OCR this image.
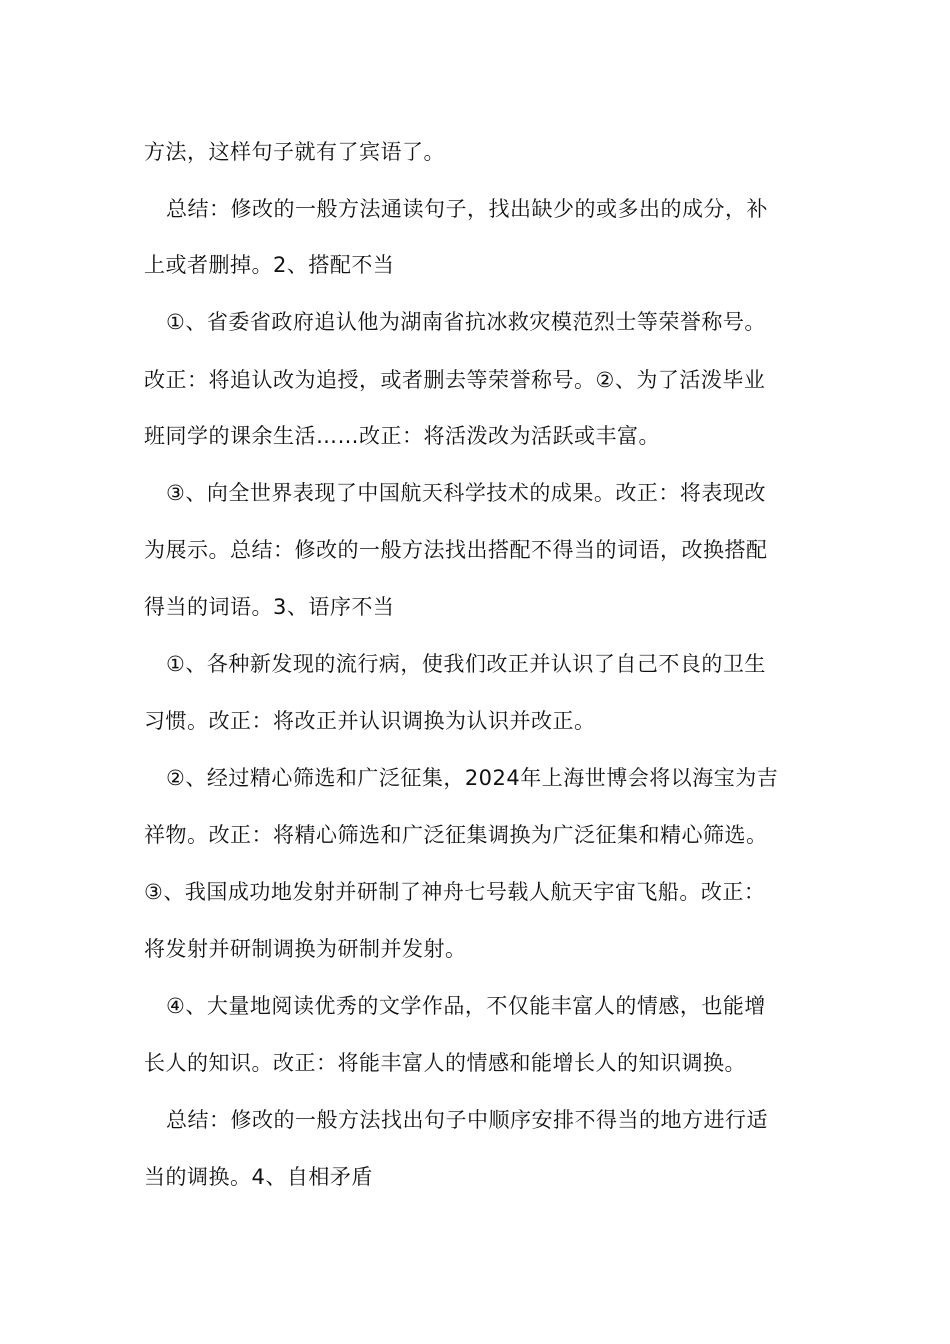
方法，这样句子就有了宾语了。
总结：修改的一般方法通读句子，找出缺少的或多出的成分，补
上或者删掉。2、搭配不当
①、省委省政府追认他为湖南省抗冰救灾模范烈士等荣誉称号。
改正：将追认改为追授，或者删去等荣誉称号。②、为了活泼毕业
班同学的课余生活……改正：将活泼改为活跃或丰富。
③、向全世界表现了中国航天科学技术的成果。改正：将表现改
为展示。总结：修改的一般方法找出搭配不得当的词语，改换搭配
得当的词语。3、语序不当
①、各种新发现的流行病，使我们改正并认识了自己不良的卫生
习惯。改正：将改正并认识调换为认识并改正。
②、经过精心筛选和广泛征集，2024年上海世博会将以海宝为吉
祥物。改正：将精心筛选和广泛征集调换为广泛征集和精心筛选。
③、我国成功地发射并研制了神舟七号载人航天宇宙飞船。改正：
将发射并研制调换为研制并发射。
④、大量地阅读优秀的文学作品，不仅能丰富人的情感，也能增
长人的知识。改正：将能丰富人的情感和能增长人的知识调换。
总结：修改的一般方法找出句子中顺序安排不得当的地方进行适
当的调换。4、自相矛盾
